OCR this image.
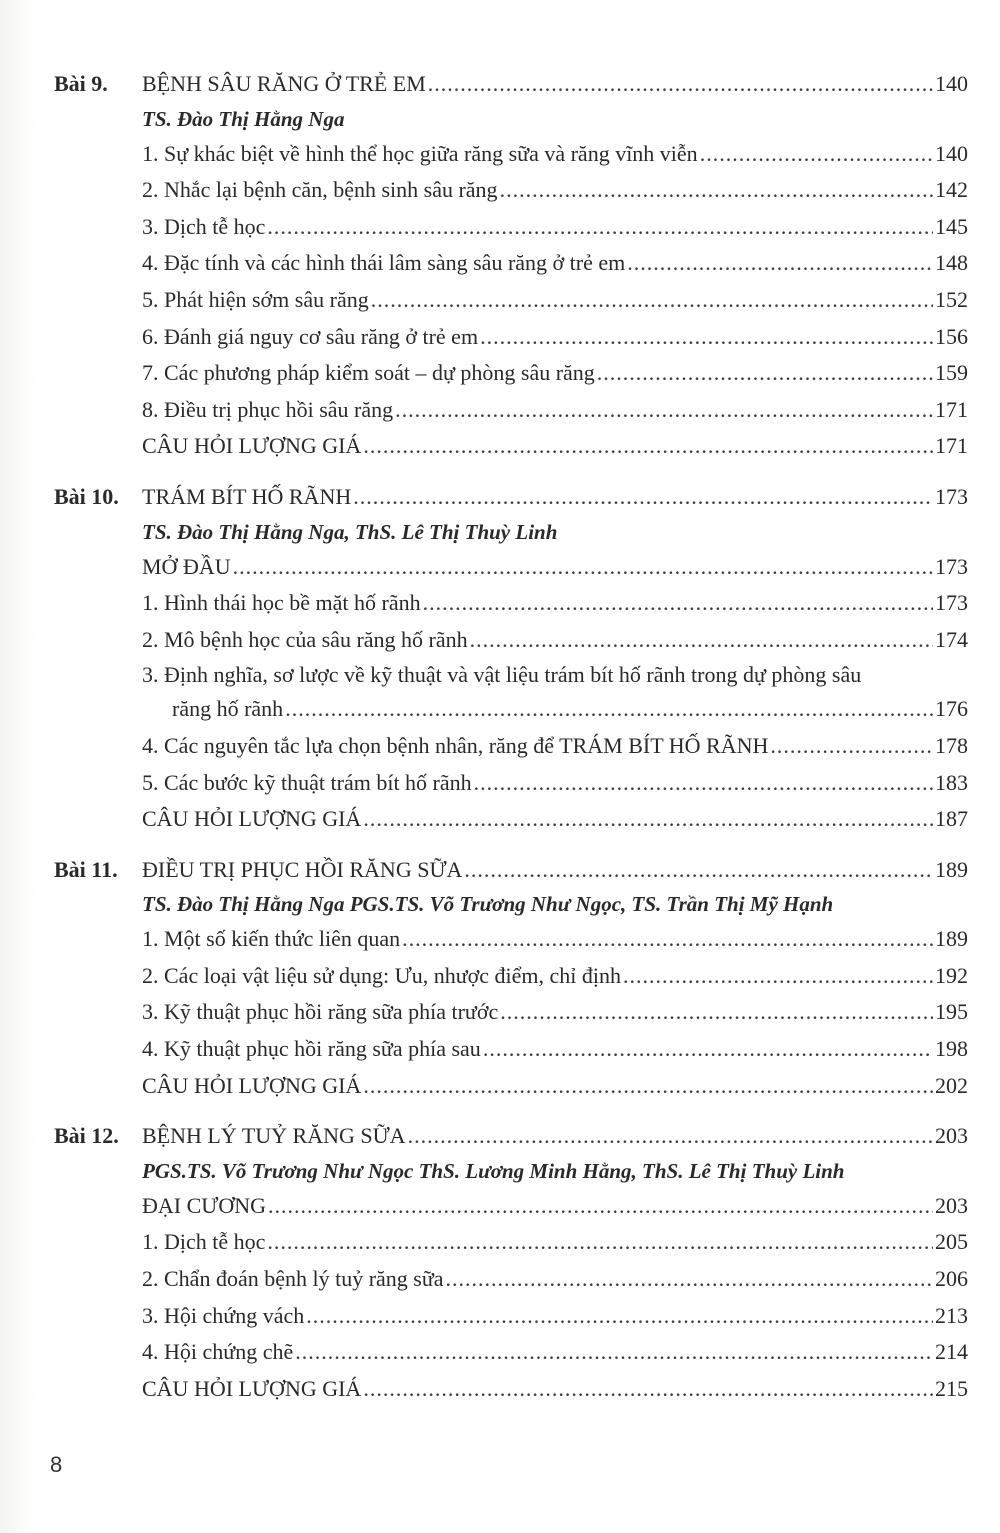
Bài 9.	BỆNH SÂU RĂNG Ở TRẺ EM .....	140
TS. Đào Thị Hằng Nga
1. Sự khác biệt về hình thể học giữa răng sữa và răng vĩnh viễn .....	140
2. Nhắc lại bệnh căn, bệnh sinh sâu răng .....	142
3. Dịch tễ học .....	145
4. Đặc tính và các hình thái lâm sàng sâu răng ở trẻ em .....	148
5. Phát hiện sớm sâu răng .....	152
6. Đánh giá nguy cơ sâu răng ở trẻ em .....	156
7. Các phương pháp kiểm soát – dự phòng sâu răng .....	159
8. Điều trị phục hồi sâu răng .....	171
CÂU HỎI LƯỢNG GIÁ .....	171
Bài 10.	TRÁM BÍT HỐ RÃNH .....	173
TS. Đào Thị Hằng Nga, ThS. Lê Thị Thuỳ Linh
MỞ ĐẦU .....	173
1. Hình thái học bề mặt hố rãnh .....	173
2. Mô bệnh học của sâu răng hố rãnh .....	174
3. Định nghĩa, sơ lược về kỹ thuật và vật liệu trám bít hố rãnh trong dự phòng sâu
răng hố rãnh .....	176
4. Các nguyên tắc lựa chọn bệnh nhân, răng để TRÁM BÍT HỐ RÃNH .....	178
5. Các bước kỹ thuật trám bít hố rãnh .....	183
CÂU HỎI LƯỢNG GIÁ .....	187
Bài 11.	ĐIỀU TRỊ PHỤC HỒI RĂNG SỮA .....	189
TS. Đào Thị Hằng Nga PGS.TS. Võ Trương Như Ngọc, TS. Trần Thị Mỹ Hạnh
1. Một số kiến thức liên quan .....	189
2. Các loại vật liệu sử dụng: Ưu, nhược điểm, chỉ định .....	192
3. Kỹ thuật phục hồi răng sữa phía trước .....	195
4. Kỹ thuật phục hồi răng sữa phía sau .....	198
CÂU HỎI LƯỢNG GIÁ .....	202
Bài 12.	BỆNH LÝ TUỶ RĂNG SỮA .....	203
PGS.TS. Võ Trương Như Ngọc ThS. Lương Minh Hằng, ThS. Lê Thị Thuỳ Linh
ĐẠI CƯƠNG .....	203
1. Dịch tễ học .....	205
2. Chẩn đoán bệnh lý tuỷ răng sữa .....	206
3. Hội chứng vách .....	213
4. Hội chứng chẽ .....	214
CÂU HỎI LƯỢNG GIÁ .....	215
8
